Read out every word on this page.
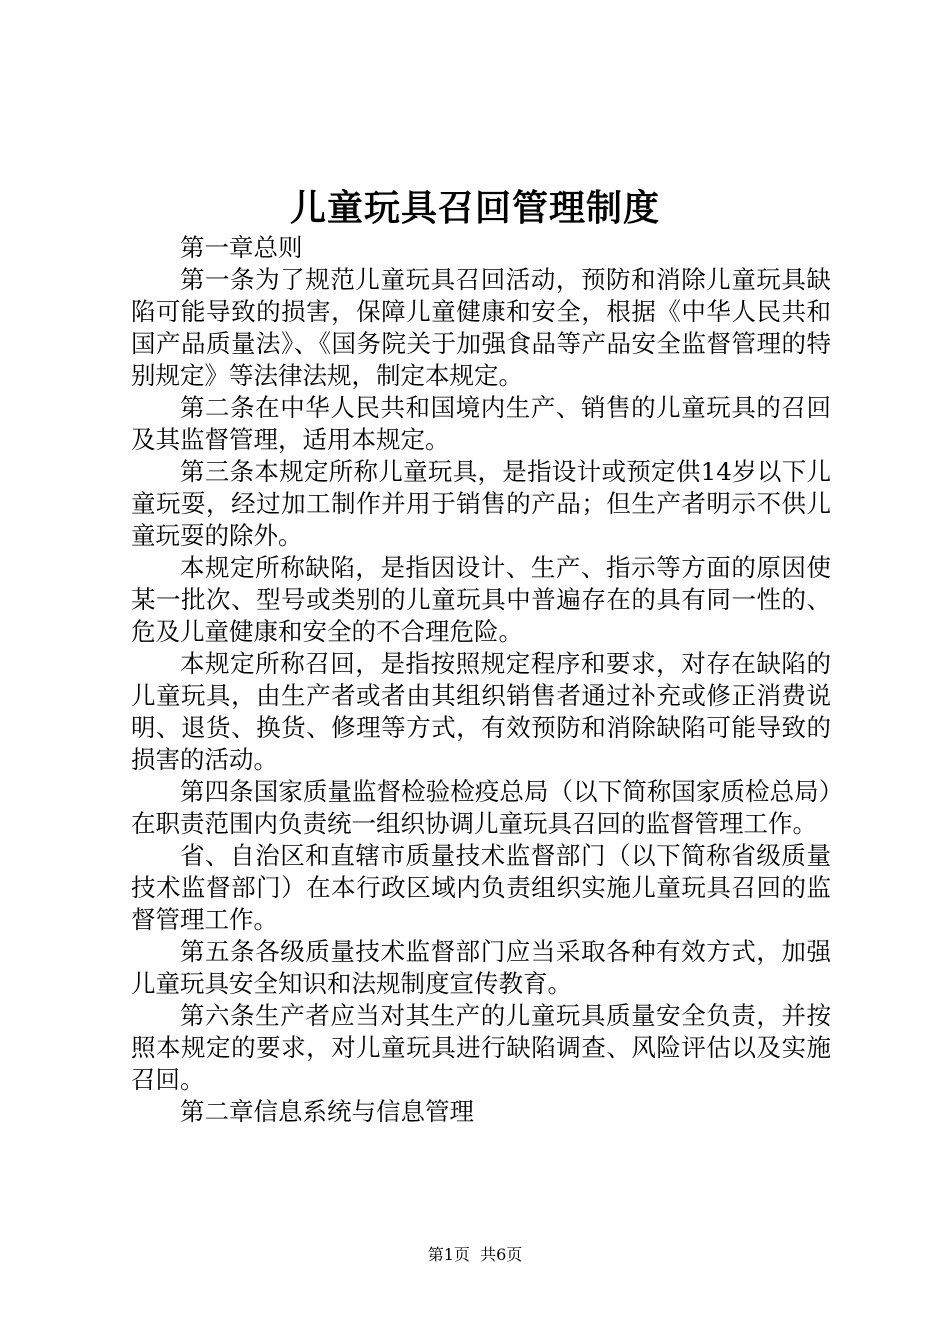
儿童玩具召回管理制度

第一章总则

第一条为了规范儿童玩具召回活动，预防和消除儿童玩具缺陷可能导致的损害，保障儿童健康和安全，根据《中华人民共和国产品质量法》、《国务院关于加强食品等产品安全监督管理的特别规定》等法律法规，制定本规定。

第二条在中华人民共和国境内生产、销售的儿童玩具的召回及其监督管理，适用本规定。

第三条本规定所称儿童玩具，是指设计或预定供14岁以下儿童玩耍，经过加工制作并用于销售的产品；但生产者明示不供儿童玩耍的除外。

本规定所称缺陷，是指因设计、生产、指示等方面的原因使某一批次、型号或类别的儿童玩具中普遍存在的具有同一性的、危及儿童健康和安全的不合理危险。

本规定所称召回，是指按照规定程序和要求，对存在缺陷的儿童玩具，由生产者或者由其组织销售者通过补充或修正消费说明、退货、换货、修理等方式，有效预防和消除缺陷可能导致的损害的活动。

第四条国家质量监督检验检疫总局（以下简称国家质检总局）在职责范围内负责统一组织协调儿童玩具召回的监督管理工作。

省、自治区和直辖市质量技术监督部门（以下简称省级质量技术监督部门）在本行政区域内负责组织实施儿童玩具召回的监督管理工作。

第五条各级质量技术监督部门应当采取各种有效方式，加强儿童玩具安全知识和法规制度宣传教育。

第六条生产者应当对其生产的儿童玩具质量安全负责，并按照本规定的要求，对儿童玩具进行缺陷调查、风险评估以及实施召回。

第二章信息系统与信息管理

第1页 共6页
